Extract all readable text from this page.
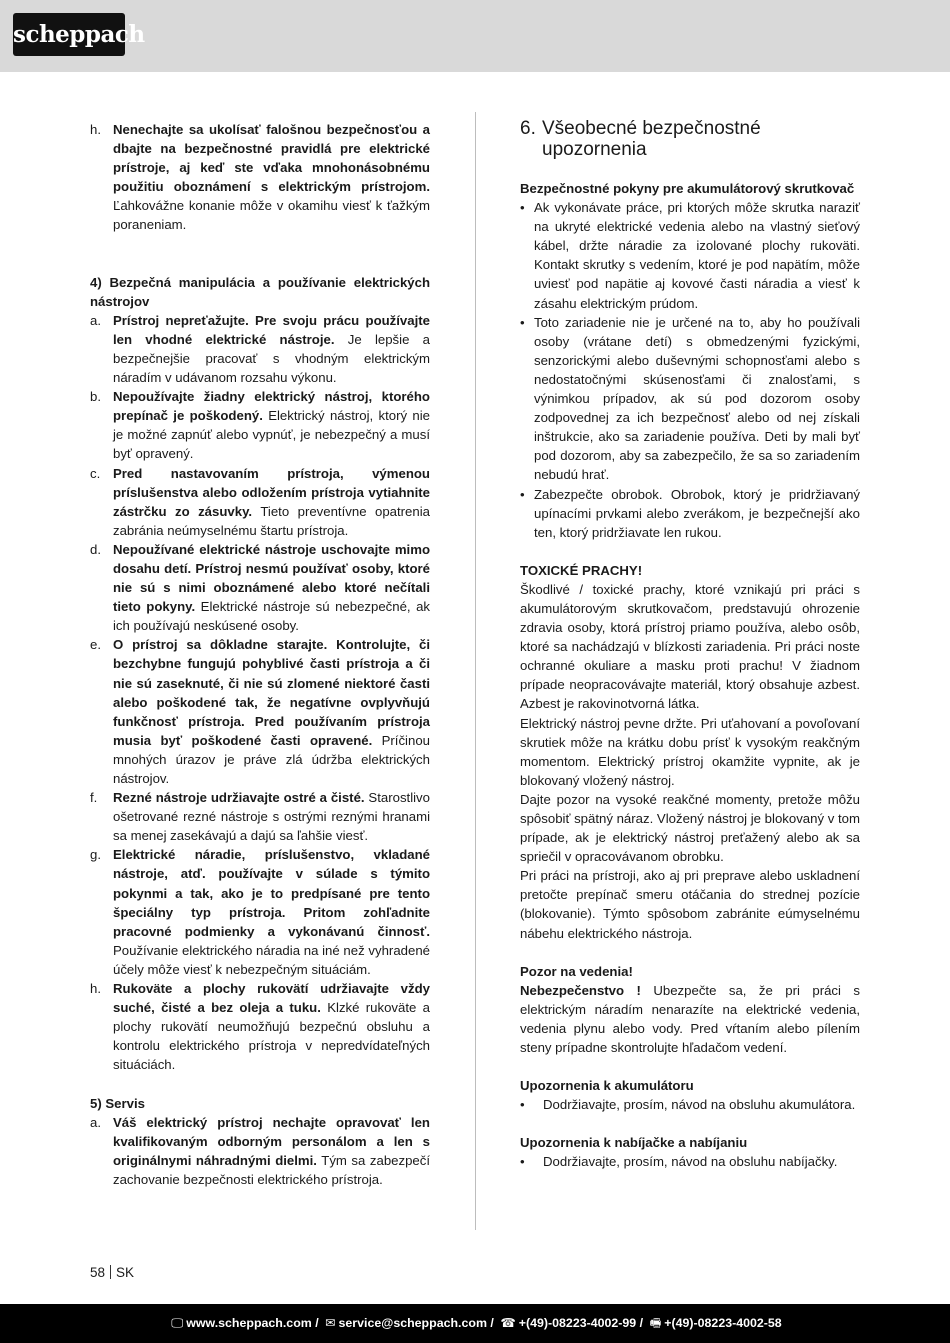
scheppach
h. Nenechajte sa ukolísať falošnou bezpečnosťou a dbajte na bezpečnostné pravidlá pre elektrické prístroje, aj keď ste vďaka mnohonásobnému použitiu oboznámení s elektrickým prístrojom. Ľahkovážne konanie môže v okamihu viesť k ťažkým poraneniam.

4) Bezpečná manipulácia a používanie elektrických nástrojov

a. Prístroj nepreťažujte. Pre svoju prácu používajte len vhodné elektrické nástroje. Je lepšie a bezpečnejšie pracovať s vhodným elektrickým náradím v udávanom rozsahu výkonu.
b. Nepoužívajte žiadny elektrický nástroj, ktorého prepínač je poškodený. Elektrický nástroj, ktorý nie je možné zapnúť alebo vypnúť, je nebezpečný a musí byť opravený.
c. Pred nastavovaním prístroja, výmenou príslušenstva alebo odložením prístroja vytiahnite zástrčku zo zásuvky. Tieto preventívne opatrenia zabránia neúmyselnému štartu prístroja.
d. Nepoužívané elektrické nástroje uschovajte mimo dosahu detí. Prístroj nesmú používať osoby, ktoré nie sú s nimi oboznámené alebo ktoré nečítali tieto pokyny. Elektrické nástroje sú nebezpečné, ak ich používajú neskúsené osoby.
e. O prístroj sa dôkladne starajte. Kontrolujte, či bezchybne fungujú pohyblivé časti prístroja a či nie sú zaseknuté, či nie sú zlomené niektoré časti alebo poškodené tak, že negatívne ovplyvňujú funkčnosť prístroja. Pred používaním prístroja musia byť poškodené časti opravené. Príčinou mnohých úrazov je práve zlá údržba elektrických nástrojov.
f. Rezné nástroje udržiavajte ostré a čisté. Starostlivo ošetrované rezné nástroje s ostrými reznými hranami sa menej zasekávajú a dajú sa ľahšie viesť.
g. Elektrické náradie, príslušenstvo, vkladané nástroje, atď. používajte v súlade s týmito pokynmi a tak, ako je to predpísané pre tento špeciálny typ prístroja. Pritom zohľadnite pracovné podmienky a vykonávanú činnosť. Používanie elektrického náradia na iné než vyhradené účely môže viesť k nebezpečným situáciám.
h. Rukoväte a plochy rukovätí udržiavajte vždy suché, čisté a bez oleja a tuku. Klzké rukoväte a plochy rukovätí neumožňujú bezpečnú obsluhu a kontrolu elektrického prístroja v nepredvídateľných situáciách.

5) Servis

a. Váš elektrický prístroj nechajte opravovať len kvalifikovaným odborným personálom a len s originálnymi náhradnými dielmi. Tým sa zabezpečí zachovanie bezpečnosti elektrického prístroja.
6. Všeobecné bezpečnostné upozornenia

Bezpečnostné pokyny pre akumulátorový skrutkovač

• Ak vykonávate práce, pri ktorých môže skrutka naraziť na ukryté elektrické vedenia alebo na vlastný sieťový kábel, držte náradie za izolované plochy rukoväti. Kontakt skrutky s vedením, ktoré je pod napätím, môže uviesť pod napätie aj kovové časti náradia a viesť k zásahu elektrickým prúdom.
• Toto zariadenie nie je určené na to, aby ho používali osoby (vrátane detí) s obmedzenými fyzickými, senzorickými alebo duševnými schopnosťami alebo s nedostatočnými skúsenosťami či znalosťami, s výnimkou prípadov, ak sú pod dozorom osoby zodpovednej za ich bezpečnosť alebo od nej získali inštrukcie, ako sa zariadenie používa. Deti by mali byť pod dozorom, aby sa zabezpečilo, že sa so zariadením nebudú hrať.
• Zabezpečte obrobok. Obrobok, ktorý je pridržiavaný upínacími prvkami alebo zverákom, je bezpečnejší ako ten, ktorý pridržiavate len rukou.

TOXICKÉ PRACHY!

Škodlivé / toxické prachy, ktoré vznikajú pri práci s akumulátorovým skrutkovačom, predstavujú ohrozenie zdravia osoby, ktorá prístroj priamo používa, alebo osôb, ktoré sa nachádzajú v blízkosti zariadenia. Pri práci noste ochranné okuliare a masku proti prachu! V žiadnom prípade neopracovávajte materiál, ktorý obsahuje azbest. Azbest je rakovinotvorná látka.

Elektrický nástroj pevne držte. Pri uťahovaní a povoľovaní skrutiek môže na krátku dobu prísť k vysokým reakčným momentom. Elektrický prístroj okamžite vypnite, ak je blokovaný vložený nástroj.

Dajte pozor na vysoké reakčné momenty, pretože môžu spôsobiť spätný náraz. Vložený nástroj je blokovaný v tom prípade, ak je elektrický nástroj preťažený alebo ak sa spriečil v opracovávanom obrobku.

Pri práci na prístroji, ako aj pri preprave alebo uskladnení pretočte prepínač smeru otáčania do strednej pozície (blokovanie). Týmto spôsobom zabránite eúmyselnému nábehu elektrického nástroja.

Pozor na vedenia!

Nebezpečenstvo ! Ubezpečte sa, že pri práci s elektrickým náradím nenarazíte na elektrické vedenia, vedenia plynu alebo vody. Pred vŕtaním alebo pílením steny prípadne skontrolujte hľadačom vedení.

Upozornenia k akumulátoru

• Dodržiavajte, prosím, návod na obsluhu akumulátora.

Upozornenia k nabíjačke a nabíjaniu

• Dodržiavajte, prosím, návod na obsluhu nabíjačky.
58 SK
🖵 www.scheppach.com / ✉ service@scheppach.com / ☎ +(49)-08223-4002-99 / 🖷 +(49)-08223-4002-58
